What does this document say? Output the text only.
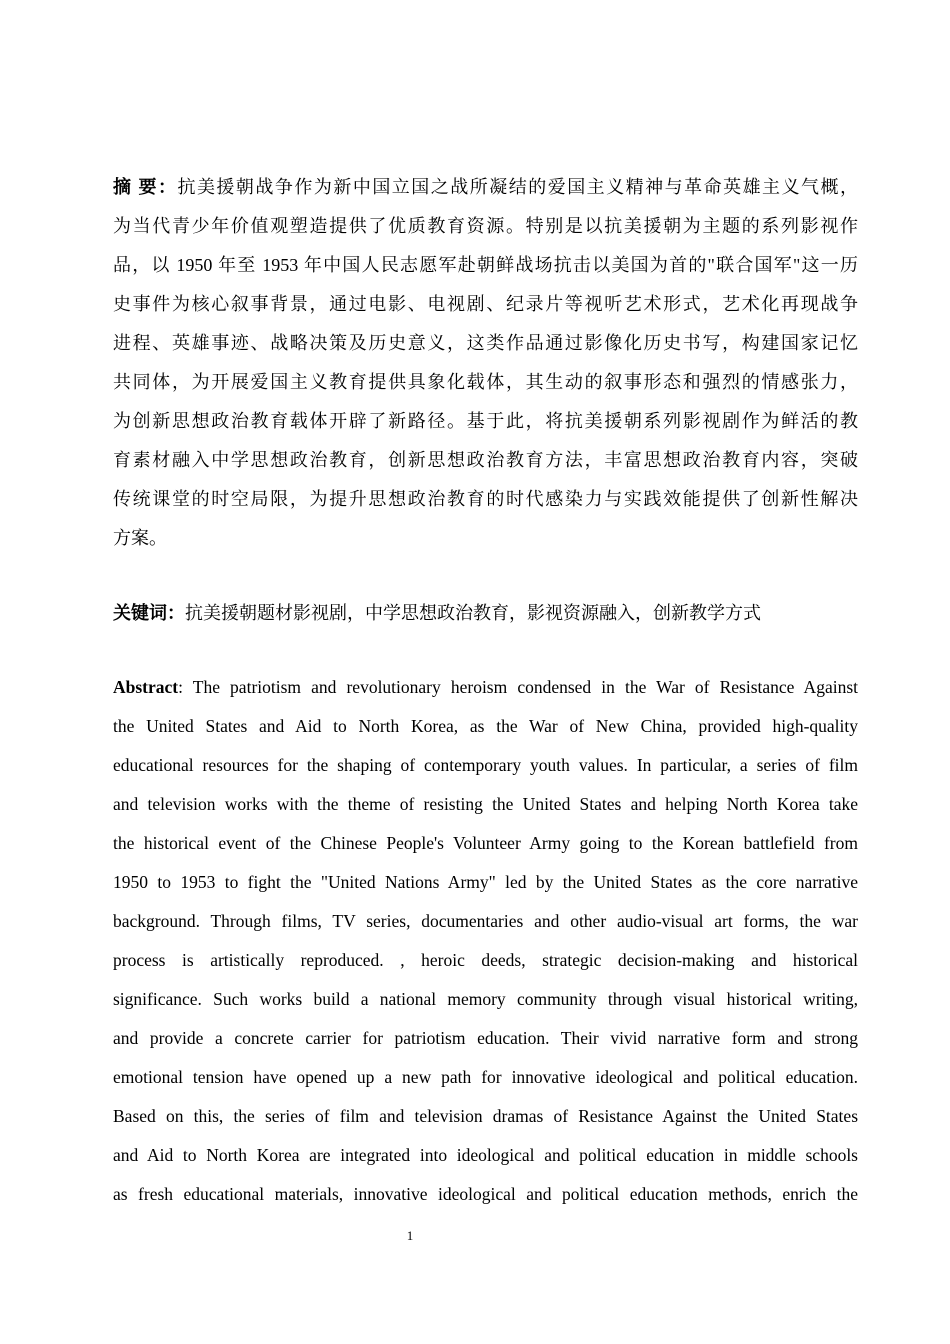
摘 要：抗美援朝战争作为新中国立国之战所凝结的爱国主义精神与革命英雄主义气概，
为当代青少年价值观塑造提供了优质教育资源。特别是以抗美援朝为主题的系列影视作
品，以 1950 年至 1953 年中国人民志愿军赴朝鲜战场抗击以美国为首的"联合国军"这一历
史事件为核心叙事背景，通过电影、电视剧、纪录片等视听艺术形式，艺术化再现战争
进程、英雄事迹、战略决策及历史意义，这类作品通过影像化历史书写，构建国家记忆
共同体，为开展爱国主义教育提供具象化载体，其生动的叙事形态和强烈的情感张力，
为创新思想政治教育载体开辟了新路径。基于此，将抗美援朝系列影视剧作为鲜活的教
育素材融入中学思想政治教育，创新思想政治教育方法，丰富思想政治教育内容，突破
传统课堂的时空局限，为提升思想政治教育的时代感染力与实践效能提供了创新性解决
方案。
关键词：抗美援朝题材影视剧，中学思想政治教育，影视资源融入，创新教学方式
Abstract: The patriotism and revolutionary heroism condensed in the War of Resistance Against
the United States and Aid to North Korea, as the War of New China, provided high-quality
educational resources for the shaping of contemporary youth values. In particular, a series of film
and television works with the theme of resisting the United States and helping North Korea take
the historical event of the Chinese People's Volunteer Army going to the Korean battlefield from
1950 to 1953 to fight the "United Nations Army" led by the United States as the core narrative
background. Through films, TV series, documentaries and other audio-visual art forms, the war
process is artistically reproduced. , heroic deeds, strategic decision-making and historical
significance. Such works build a national memory community through visual historical writing,
and provide a concrete carrier for patriotism education. Their vivid narrative form and strong
emotional tension have opened up a new path for innovative ideological and political education.
Based on this, the series of film and television dramas of Resistance Against the United States
and Aid to North Korea are integrated into ideological and political education in middle schools
as fresh educational materials, innovative ideological and political education methods, enrich the
1
